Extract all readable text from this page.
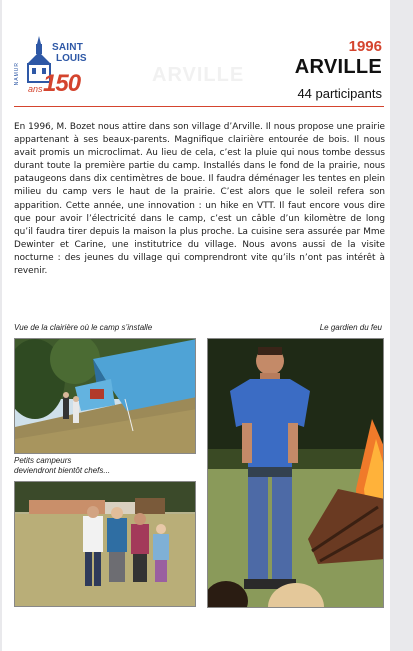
SAINT
LOUIS
NAMUR
ans 150	ARVILLE
1996
ARVILLE
44 participants

En 1996, M. Bozet nous attire dans son village d’Arville. Il nous propose une prairie appartenant à ses beaux-parents. Magnifique clairière entourée de bois. Il nous avait promis un microclimat. Au lieu de cela, c’est la pluie qui nous tombe dessus durant toute la première partie du camp. Installés dans le fond de la prairie, nous pataugeons dans dix centimètres de boue. Il faudra déménager les tentes en plein milieu du camp vers le haut de la prairie. C’est alors que le soleil refera son apparition. Cette année, une innovation : un hike en VTT. Il faut encore vous dire que pour avoir l’électricité dans le camp, c’est un câble d’un kilomètre de long qu’il faudra tirer depuis la maison la plus proche. La cuisine sera assurée par Mme Dewinter et Carine, une institutrice du village. Nous avons aussi de la visite nocturne : des jeunes du village qui comprendront vite qu’ils n’ont pas intérêt à revenir.

Vue de la clairière où le camp s’installe	Le gardien du feu
Petits campeurs
deviendront bientôt chefs...
